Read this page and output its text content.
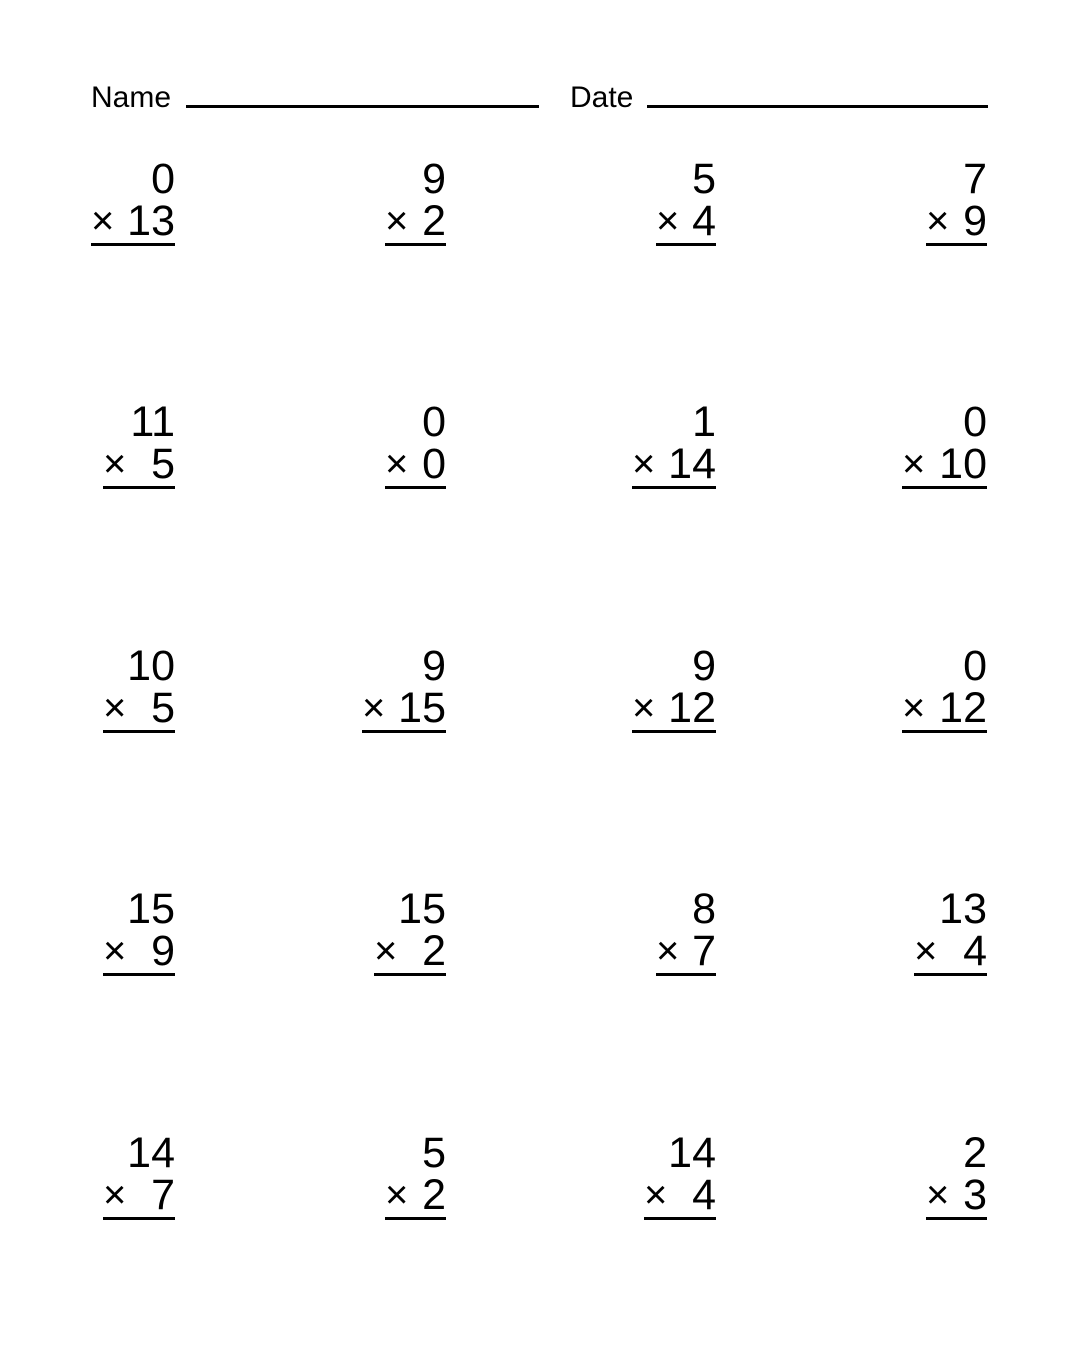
Name	Date
0
× 13
9
× 2
5
× 4
7
× 9
11
× 5
0
× 0
1
× 14
0
× 10
10
× 5
9
× 15
9
× 12
0
× 12
15
× 9
15
× 2
8
× 7
13
× 4
14
× 7
5
× 2
14
× 4
2
× 3
